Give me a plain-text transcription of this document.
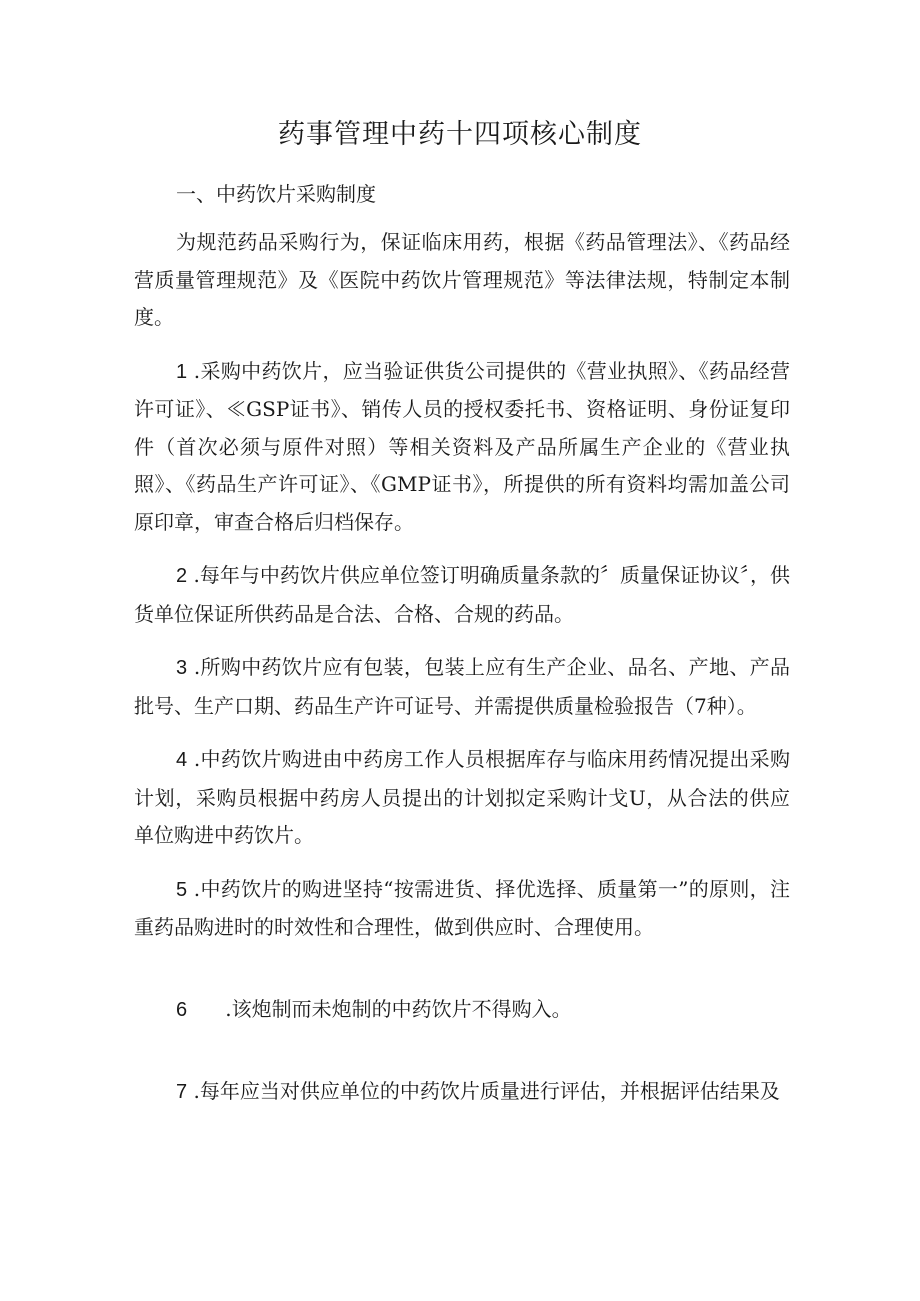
药事管理中药十四项核心制度

一、中药饮片采购制度

为规范药品采购行为，保证临床用药，根据《药品管理法》、《药品经营质量管理规范》及《医院中药饮片管理规范》等法律法规，特制定本制度。

1 .采购中药饮片，应当验证供货公司提供的《营业执照》、《药品经营许可证》、≪GSP证书》、销传人员的授权委托书、资格证明、身份证复印件（首次必须与原件对照）等相关资料及产品所属生产企业的《营业执照》、《药品生产许可证》、《GMP证书》，所提供的所有资料均需加盖公司原印章，审查合格后归档保存。

2 .每年与中药饮片供应单位签订明确质量条款的〞质量保证协议〞，供货单位保证所供药品是合法、合格、合规的药品。

3 .所购中药饮片应有包装，包装上应有生产企业、品名、产地、产品批号、生产口期、药品生产许可证号、并需提供质量检验报告（7种）。

4 .中药饮片购进由中药房工作人员根据库存与临床用药情况提出采购计划，采购员根据中药房人员提出的计划拟定采购计戈U，从合法的供应单位购进中药饮片。

5 .中药饮片的购进坚持“按需进货、择优选择、质量第一”的原则，注重药品购进时的时效性和合理性，做到供应时、合理使用。

6      .该炮制而未炮制的中药饮片不得购入。

7 .每年应当对供应单位的中药饮片质量进行评估，并根据评估结果及
